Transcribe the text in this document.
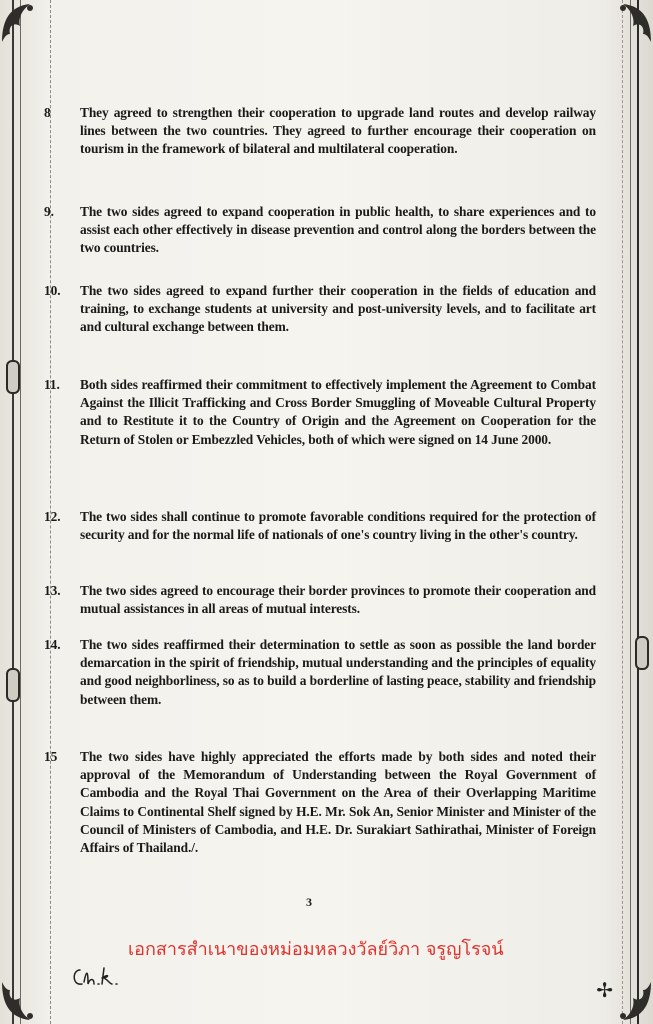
8	They agreed to strengthen their cooperation to upgrade land routes and develop railway lines between the two countries. They agreed to further encourage their cooperation on tourism in the framework of bilateral and multilateral cooperation.
9.	The two sides agreed to expand cooperation in public health, to share experiences and to assist each other effectively in disease prevention and control along the borders between the two countries.
10.	The two sides agreed to expand further their cooperation in the fields of education and training, to exchange students at university and post-university levels, and to facilitate art and cultural exchange between them.
11.	Both sides reaffirmed their commitment to effectively implement the Agreement to Combat Against the Illicit Trafficking and Cross Border Smuggling of Moveable Cultural Property and to Restitute it to the Country of Origin and the Agreement on Cooperation for the Return of Stolen or Embezzled Vehicles, both of which were signed on 14 June 2000.
12.	The two sides shall continue to promote favorable conditions required for the protection of security and for the normal life of nationals of one's country living in the other's country.
13.	The two sides agreed to encourage their border provinces to promote their cooperation and mutual assistances in all areas of mutual interests.
14.	The two sides reaffirmed their determination to settle as soon as possible the land border demarcation in the spirit of friendship, mutual understanding and the principles of equality and good neighborliness, so as to build a borderline of lasting peace, stability and friendship between them.
15	The two sides have highly appreciated the efforts made by both sides and noted their approval of the Memorandum of Understanding between the Royal Government of Cambodia and the Royal Thai Government on the Area of their Overlapping Maritime Claims to Continental Shelf signed by H.E. Mr. Sok An, Senior Minister and Minister of the Council of Ministers of Cambodia, and H.E. Dr. Surakiart Sathirathai, Minister of Foreign Affairs of Thailand./.
3
เอกสารสำเนาของหม่อมหลวงวัลย์วิภา จรูญโรจน์
✢
